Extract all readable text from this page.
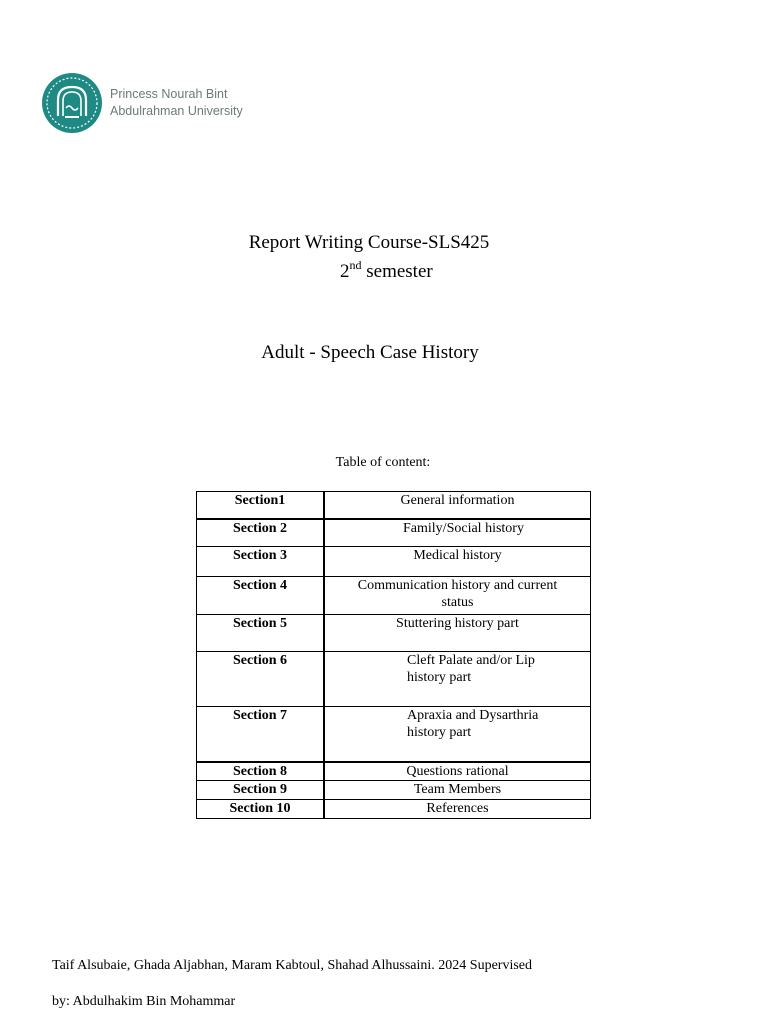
Princess Nourah Bint
Abdulrahman University
Report Writing Course-SLS425
2nd semester
Adult - Speech Case History
Table of content:
Section1	General information
Section 2	Family/Social history
Section 3	Medical history
Section 4	Communication history and current
status

Section 5	Stuttering history part
Section 6	Cleft Palate and/or Lip
history part

Section 7	Apraxia and Dysarthria
history part

Section 8	Questions rational
Section 9	Team Members
Section 10	References
Taif Alsubaie, Ghada Aljabhan, Maram Kabtoul, Shahad Alhussaini. 2024 Supervised
by: Abdulhakim Bin Mohammar
